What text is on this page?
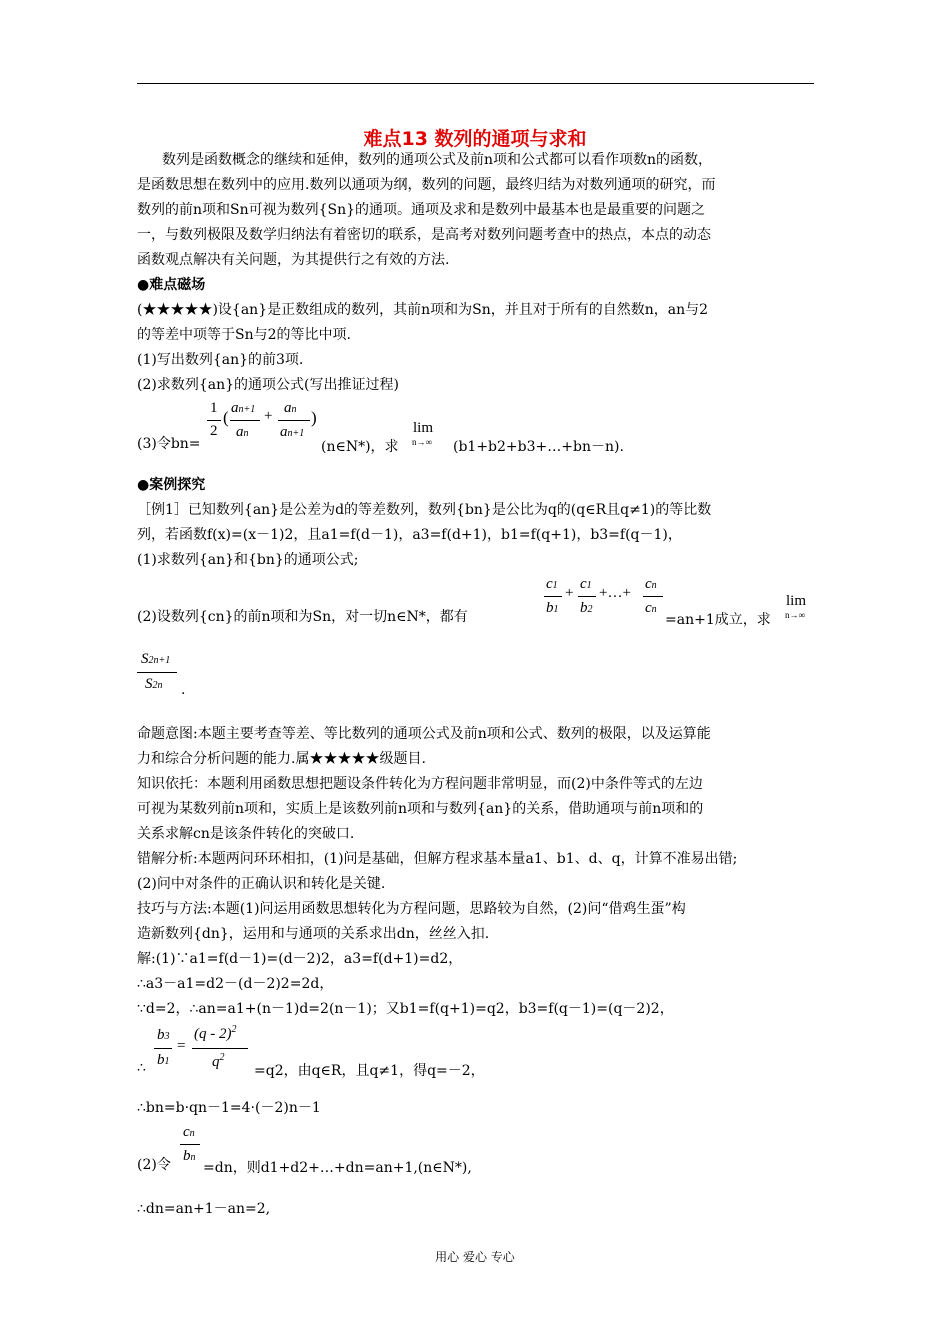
难点13 数列的通项与求和
数列是函数概念的继续和延伸，数列的通项公式及前n项和公式都可以看作项数n的函数，
是函数思想在数列中的应用.数列以通项为纲，数列的问题，最终归结为对数列通项的研究，而
数列的前n项和Sn可视为数列{Sn}的通项。通项及求和是数列中最基本也是最重要的问题之
一，与数列极限及数学归纳法有着密切的联系，是高考对数列问题考查中的热点，本点的动态
函数观点解决有关问题，为其提供行之有效的方法.
●难点磁场
(★★★★★)设{an}是正数组成的数列，其前n项和为Sn，并且对于所有的自然数n，an与2
的等差中项等于Sn与2的等比中项.
(1)写出数列{an}的前3项.
(2)求数列{an}的通项公式(写出推证过程)
(3)令bn=
1
2
( an+1
an
+ an
an+1
)
(n∈N*)，求
lim
n→∞ (b1+b2+b3+…+bn－n).
●案例探究
［例1］已知数列{an}是公差为d的等差数列，数列{bn}是公比为q的(q∈R且q≠1)的等比数
列，若函数f(x)=(x－1)2，且a1=f(d－1)，a3=f(d+1)，b1=f(q+1)，b3=f(q－1)，
(1)求数列{an}和{bn}的通项公式;
(2)设数列{cn}的前n项和为Sn，对一切n∈N*，都有
c1
b1
+
c1
b2
+…+
cn
cn
=an+1成立，求
lim
n→∞
S2n+1
S2n .
命题意图:本题主要考查等差、等比数列的通项公式及前n项和公式、数列的极限，以及运算能
力和综合分析问题的能力.属★★★★★级题目.
知识依托：本题利用函数思想把题设条件转化为方程问题非常明显，而(2)中条件等式的左边
可视为某数列前n项和，实质上是该数列前n项和与数列{an}的关系，借助通项与前n项和的
关系求解cn是该条件转化的突破口.
错解分析:本题两问环环相扣，(1)问是基础，但解方程求基本量a1、b1、d、q，计算不准易出错;
(2)问中对条件的正确认识和转化是关键.
技巧与方法:本题(1)问运用函数思想转化为方程问题，思路较为自然，(2)问“借鸡生蛋”构
造新数列{dn}，运用和与通项的关系求出dn，丝丝入扣.
解:(1)∵a1=f(d－1)=(d－2)2，a3=f(d+1)=d2，
∴a3－a1=d2－(d－2)2=2d，
∵d=2，∴an=a1+(n－1)d=2(n－1)；又b1=f(q+1)=q2，b3=f(q－1)=(q－2)2，
∴
b3
b1
=
(q - 2)$^2$
$q^2$
=q2，由q∈R，且q≠1，得q=－2，
∴bn=b·qn－1=4·(－2)n－1
(2)令
cn
bn
=dn，则d1+d2+…+dn=an+1,(n∈N*),
∴dn=an+1－an=2,
用心 爱心 专心
